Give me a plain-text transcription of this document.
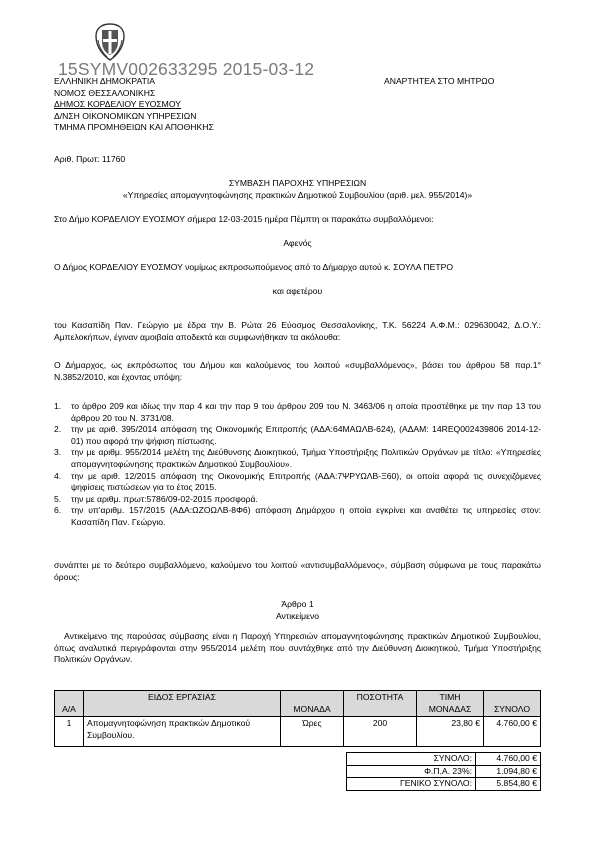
15SYMV002633295 2015-03-12
ΕΛΛΗΝΙΚΗ ΔΗΜΟΚΡΑΤΙΑ
ΝΟΜΟΣ ΘΕΣΣΑΛΟΝΙΚΗΣ
ΔΗΜΟΣ ΚΟΡΔΕΛΙΟΥ ΕΥΟΣΜΟΥ
Δ/ΝΣΗ ΟΙΚΟΝΟΜΙΚΩΝ ΥΠΗΡΕΣΙΩΝ
ΤΜΗΜΑ ΠΡΟΜΗΘΕΙΩΝ ΚΑΙ ΑΠΟΘΗΚΗΣ
ΑΝΑΡΤΗΤΕΑ ΣΤΟ ΜΗΤΡΩΟ
Αριθ. Πρωτ: 11760
ΣΥΜΒΑΣΗ ΠΑΡΟΧΗΣ ΥΠΗΡΕΣΙΩΝ
«Υπηρεσίες απομαγνητοφώνησης πρακτικών Δημοτικού Συμβουλίου (αριθ. μελ. 955/2014)»
Στο Δήμο ΚΟΡΔΕΛΙΟΥ ΕΥΟΣΜΟΥ σήμερα 12-03-2015 ημέρα Πέμπτη οι παρακάτω συμβαλλόμενοι:
Αφενός
Ο Δήμος ΚΟΡΔΕΛΙΟΥ ΕΥΟΣΜΟΥ νομίμως εκπροσωπούμενος από το Δήμαρχο αυτού κ. ΣΟΥΛΑ ΠΕΤΡΟ
και αφετέρου
του Κασαπίδη Παν. Γεώργιο με έδρα την Β. Ρώτα 26 Εύοσμος Θεσσαλονίκης, Τ.Κ. 56224 Α.Φ.Μ.: 029630042, Δ.Ο.Υ.: Αμπελοκήπων, έγιναν αμοιβαία αποδεκτά και συμφωνήθηκαν τα ακόλουθα:
Ο Δήμαρχος, ως εκπρόσωπος του Δήμου και καλούμενος του λοιπού «συμβαλλόμενος», βάσει του άρθρου 58 παρ.1° Ν.3852/2010, και έχοντας υπόψη:
1. το άρθρο 209 και ιδίως την παρ 4 και την παρ 9 του άρθρου 209 του Ν. 3463/06 η οποία προστέθηκε με την παρ 13 του άρθρου 20 του Ν. 3731/08.
2. την με αριθ. 395/2014 απόφαση της Οικονομικής Επιτροπής (ΑΔΑ:64ΜΑΩΛΒ-624), (ΑΔΑΜ: 14REQ002439806 2014-12-01) που αφορά την ψήφιση πίστωσης.
3. την με αριθμ. 955/2014 μελέτη της Διεύθυνσης Διοικητικού, Τμήμα Υποστήριξης Πολιτικών Οργάνων με τίτλο: «Υπηρεσίες απομαγνητοφώνησης πρακτικών Δημοτικού Συμβουλίου».
4. την με αριθ. 12/2015 απόφαση της Οικονομικής Επιτροπής (ΑΔΑ:7ΨΡΥΩΛΒ-Ξ60), οι οποία αφορά τις συνεχιζόμενες ψηφίσεις πιστώσεων για το έτος 2015.
5. την με αριθμ. πρωτ:5786/09-02-2015 προσφορά.
6. την υπ'αριθμ. 157/2015 (ΑΔΑ:ΩΖΟΩΛΒ-8Φ6) απόφαση Δημάρχου η οποία εγκρίνει και αναθέτει τις υπηρεσίες στον: Κασαπίδη Παν. Γεώργιο.
συνάπτει με το δεύτερο συμβαλλόμενο, καλούμενο του λοιπού «αντισυμβαλλόμενος», σύμβαση σύμφωνα με τους παρακάτω όρους:
Άρθρο 1
Αντικείμενο
Αντικείμενο της παρούσας σύμβασης είναι η Παροχή Υπηρεσιών απομαγνητοφώνησης πρακτικών Δημοτικού Συμβουλίου, όπως αναλυτικά περιγράφονται στην 955/2014 μελέτη που συντάχθηκε από την Διεύθυνση Διοικητικού, Τμήμα Υποστήριξης Πολιτικών Οργάνων.
Α/Α	ΕΙΔΟΣ ΕΡΓΑΣΙΑΣ	ΜΟΝΑΔΑ	ΠΟΣΟΤΗΤΑ	ΤΙΜΗ ΜΟΝΑΔΑΣ	ΣΥΝΟΛΟ
1	Απομαγνητοφώνηση πρακτικών Δημοτικού Συμβουλίου.	Ώρες	200	23,80 €	4.760,00 €
ΣΥΝΟΛΟ:	4.760,00 €
Φ.Π.Α. 23%:	1.094,80 €
ΓΕΝΙΚΟ ΣΥΝΟΛΟ:	5.854,80 €
